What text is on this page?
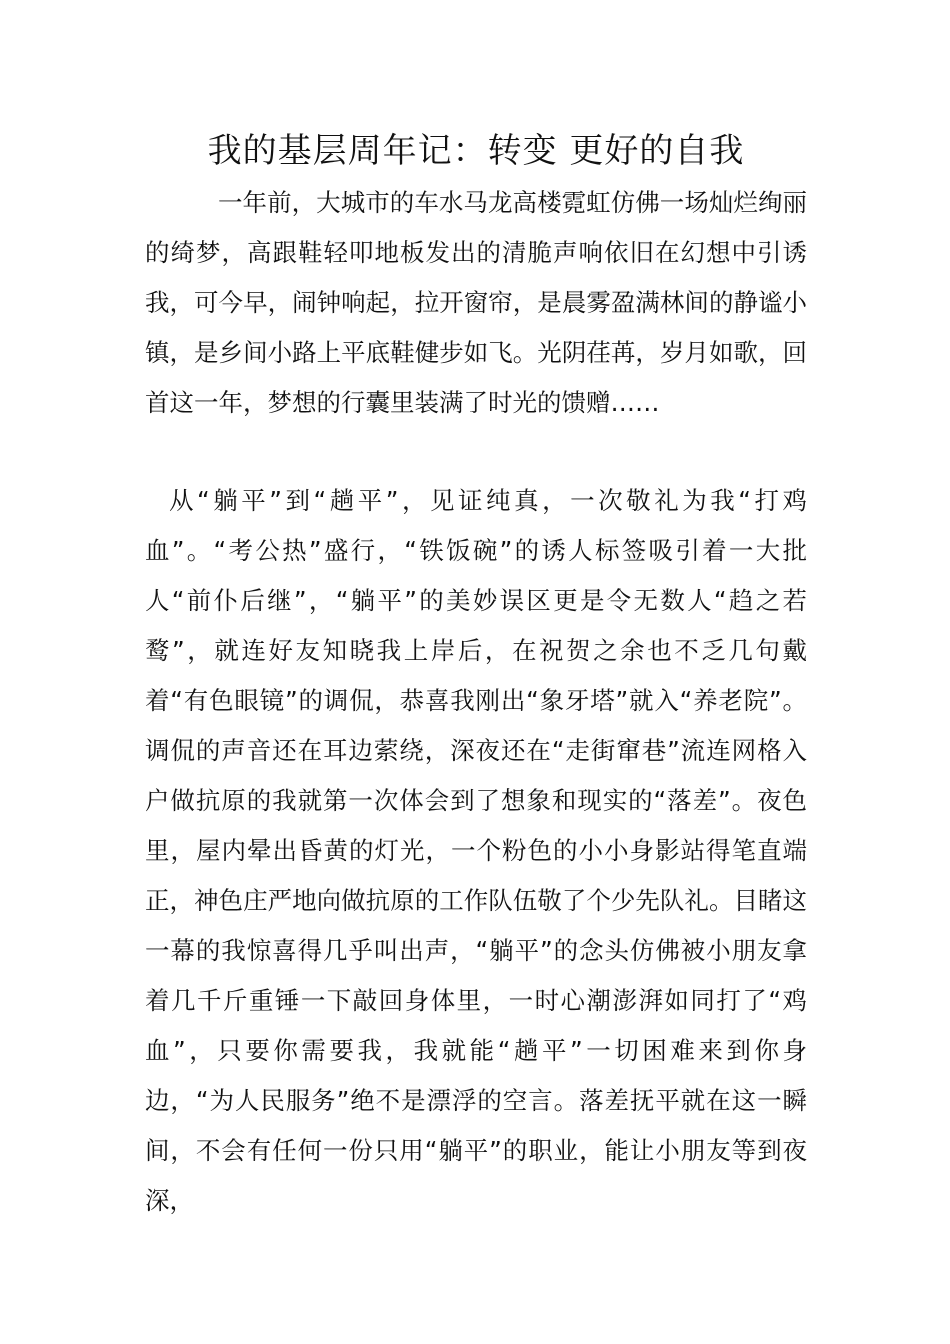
我的基层周年记：转变 更好的自我

一年前，大城市的车水马龙高楼霓虹仿佛一场灿烂绚丽的绮梦，高跟鞋轻叩地板发出的清脆声响依旧在幻想中引诱我，可今早，闹钟响起，拉开窗帘，是晨雾盈满林间的静谧小镇，是乡间小路上平底鞋健步如飞。光阴荏苒，岁月如歌，回首这一年，梦想的行囊里装满了时光的馈赠……

从“躺平”到“趟平”，见证纯真，一次敬礼为我“打鸡血”。“考公热”盛行，“铁饭碗”的诱人标签吸引着一大批人“前仆后继”，“躺平”的美妙误区更是令无数人“趋之若鹜”，就连好友知晓我上岸后，在祝贺之余也不乏几句戴着“有色眼镜”的调侃，恭喜我刚出“象牙塔”就入“养老院”。调侃的声音还在耳边萦绕，深夜还在“走街窜巷”流连网格入户做抗原的我就第一次体会到了想象和现实的“落差”。夜色里，屋内晕出昏黄的灯光，一个粉色的小小身影站得笔直端正，神色庄严地向做抗原的工作队伍敬了个少先队礼。目睹这一幕的我惊喜得几乎叫出声，“躺平”的念头仿佛被小朋友拿着几千斤重锤一下敲回身体里，一时心潮澎湃如同打了“鸡血”，只要你需要我，我就能“趟平”一切困难来到你身边，“为人民服务”绝不是漂浮的空言。落差抚平就在这一瞬间，不会有任何一份只用“躺平”的职业，能让小朋友等到夜深，
